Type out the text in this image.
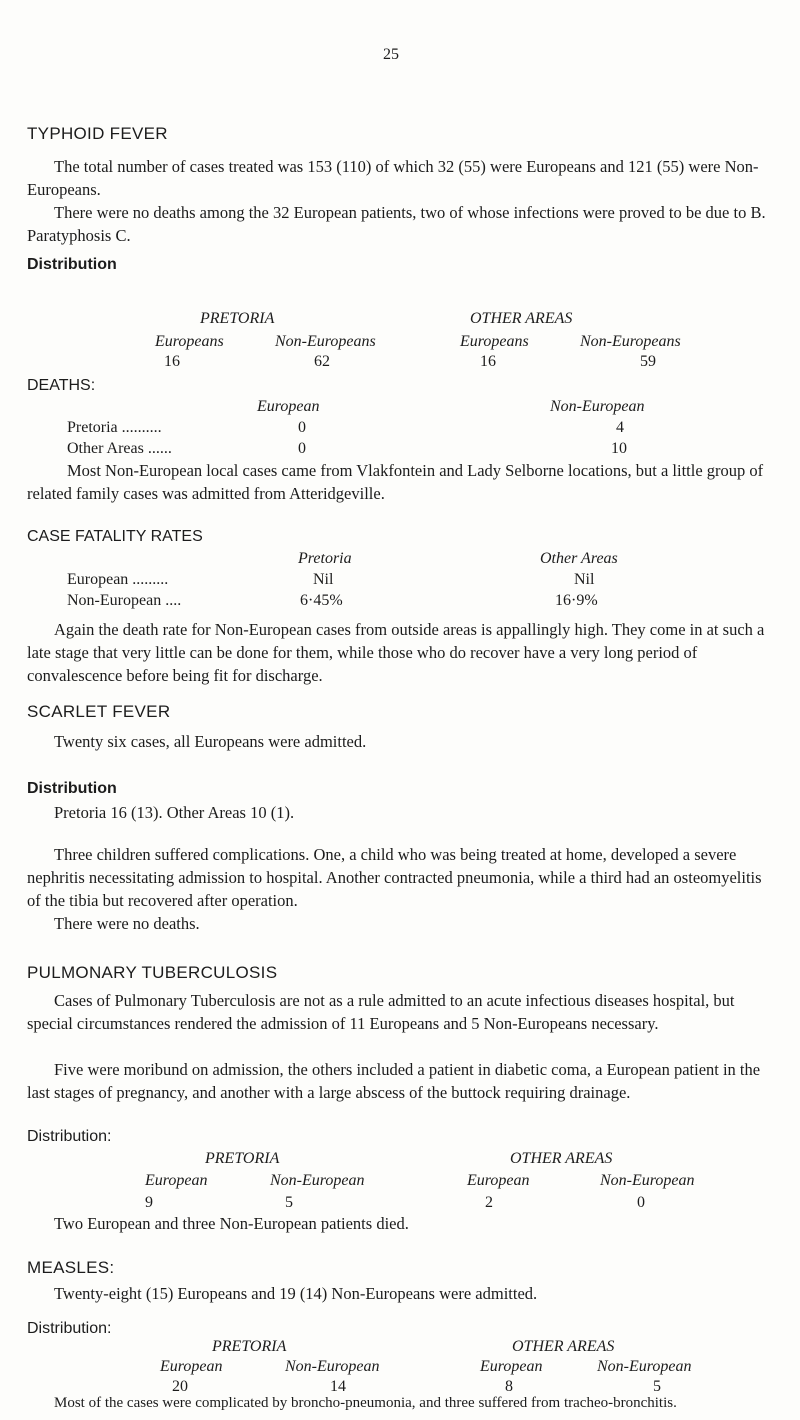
25
TYPHOID FEVER
The total number of cases treated was 153 (110) of which 32 (55) were Europeans and 121 (55) were Non-Europeans.
There were no deaths among the 32 European patients, two of whose infections were proved to be due to B. Paratyphosis C.
Distribution
PRETORIA	OTHER AREAS
Europeans	Non-Europeans	Europeans	Non-Europeans
16	62	16	59
DEATHS:
European	Non-European
Pretoria ..........	0	4
Other Areas ......	0	10
Most Non-European local cases came from Vlakfontein and Lady Selborne locations, but a little group of related family cases was admitted from Atteridgeville.
CASE FATALITY RATES
Pretoria	Other Areas
European .........	Nil	Nil
Non-European ....	6·45%	16·9%
Again the death rate for Non-European cases from outside areas is appallingly high. They come in at such a late stage that very little can be done for them, while those who do recover have a very long period of convalescence before being fit for discharge.
SCARLET FEVER
Twenty six cases, all Europeans were admitted.
Distribution
Pretoria 16 (13). Other Areas 10 (1).
Three children suffered complications. One, a child who was being treated at home, developed a severe nephritis necessitating admission to hospital. Another contracted pneumonia, while a third had an osteomyelitis of the tibia but recovered after operation.
There were no deaths.
PULMONARY TUBERCULOSIS
Cases of Pulmonary Tuberculosis are not as a rule admitted to an acute infectious diseases hospital, but special circumstances rendered the admission of 11 Europeans and 5 Non-Europeans necessary.
Five were moribund on admission, the others included a patient in diabetic coma, a European patient in the last stages of pregnancy, and another with a large abscess of the buttock requiring drainage.
Distribution:
PRETORIA	OTHER AREAS
European	Non-European	European	Non-European
9	5	2	0
Two European and three Non-European patients died.
MEASLES:
Twenty-eight (15) Europeans and 19 (14) Non-Europeans were admitted.
Distribution:
PRETORIA	OTHER AREAS
European	Non-European	European	Non-European
20	14	8	5
Most of the cases were complicated by broncho-pneumonia, and three suffered from tracheo-bronchitis.
